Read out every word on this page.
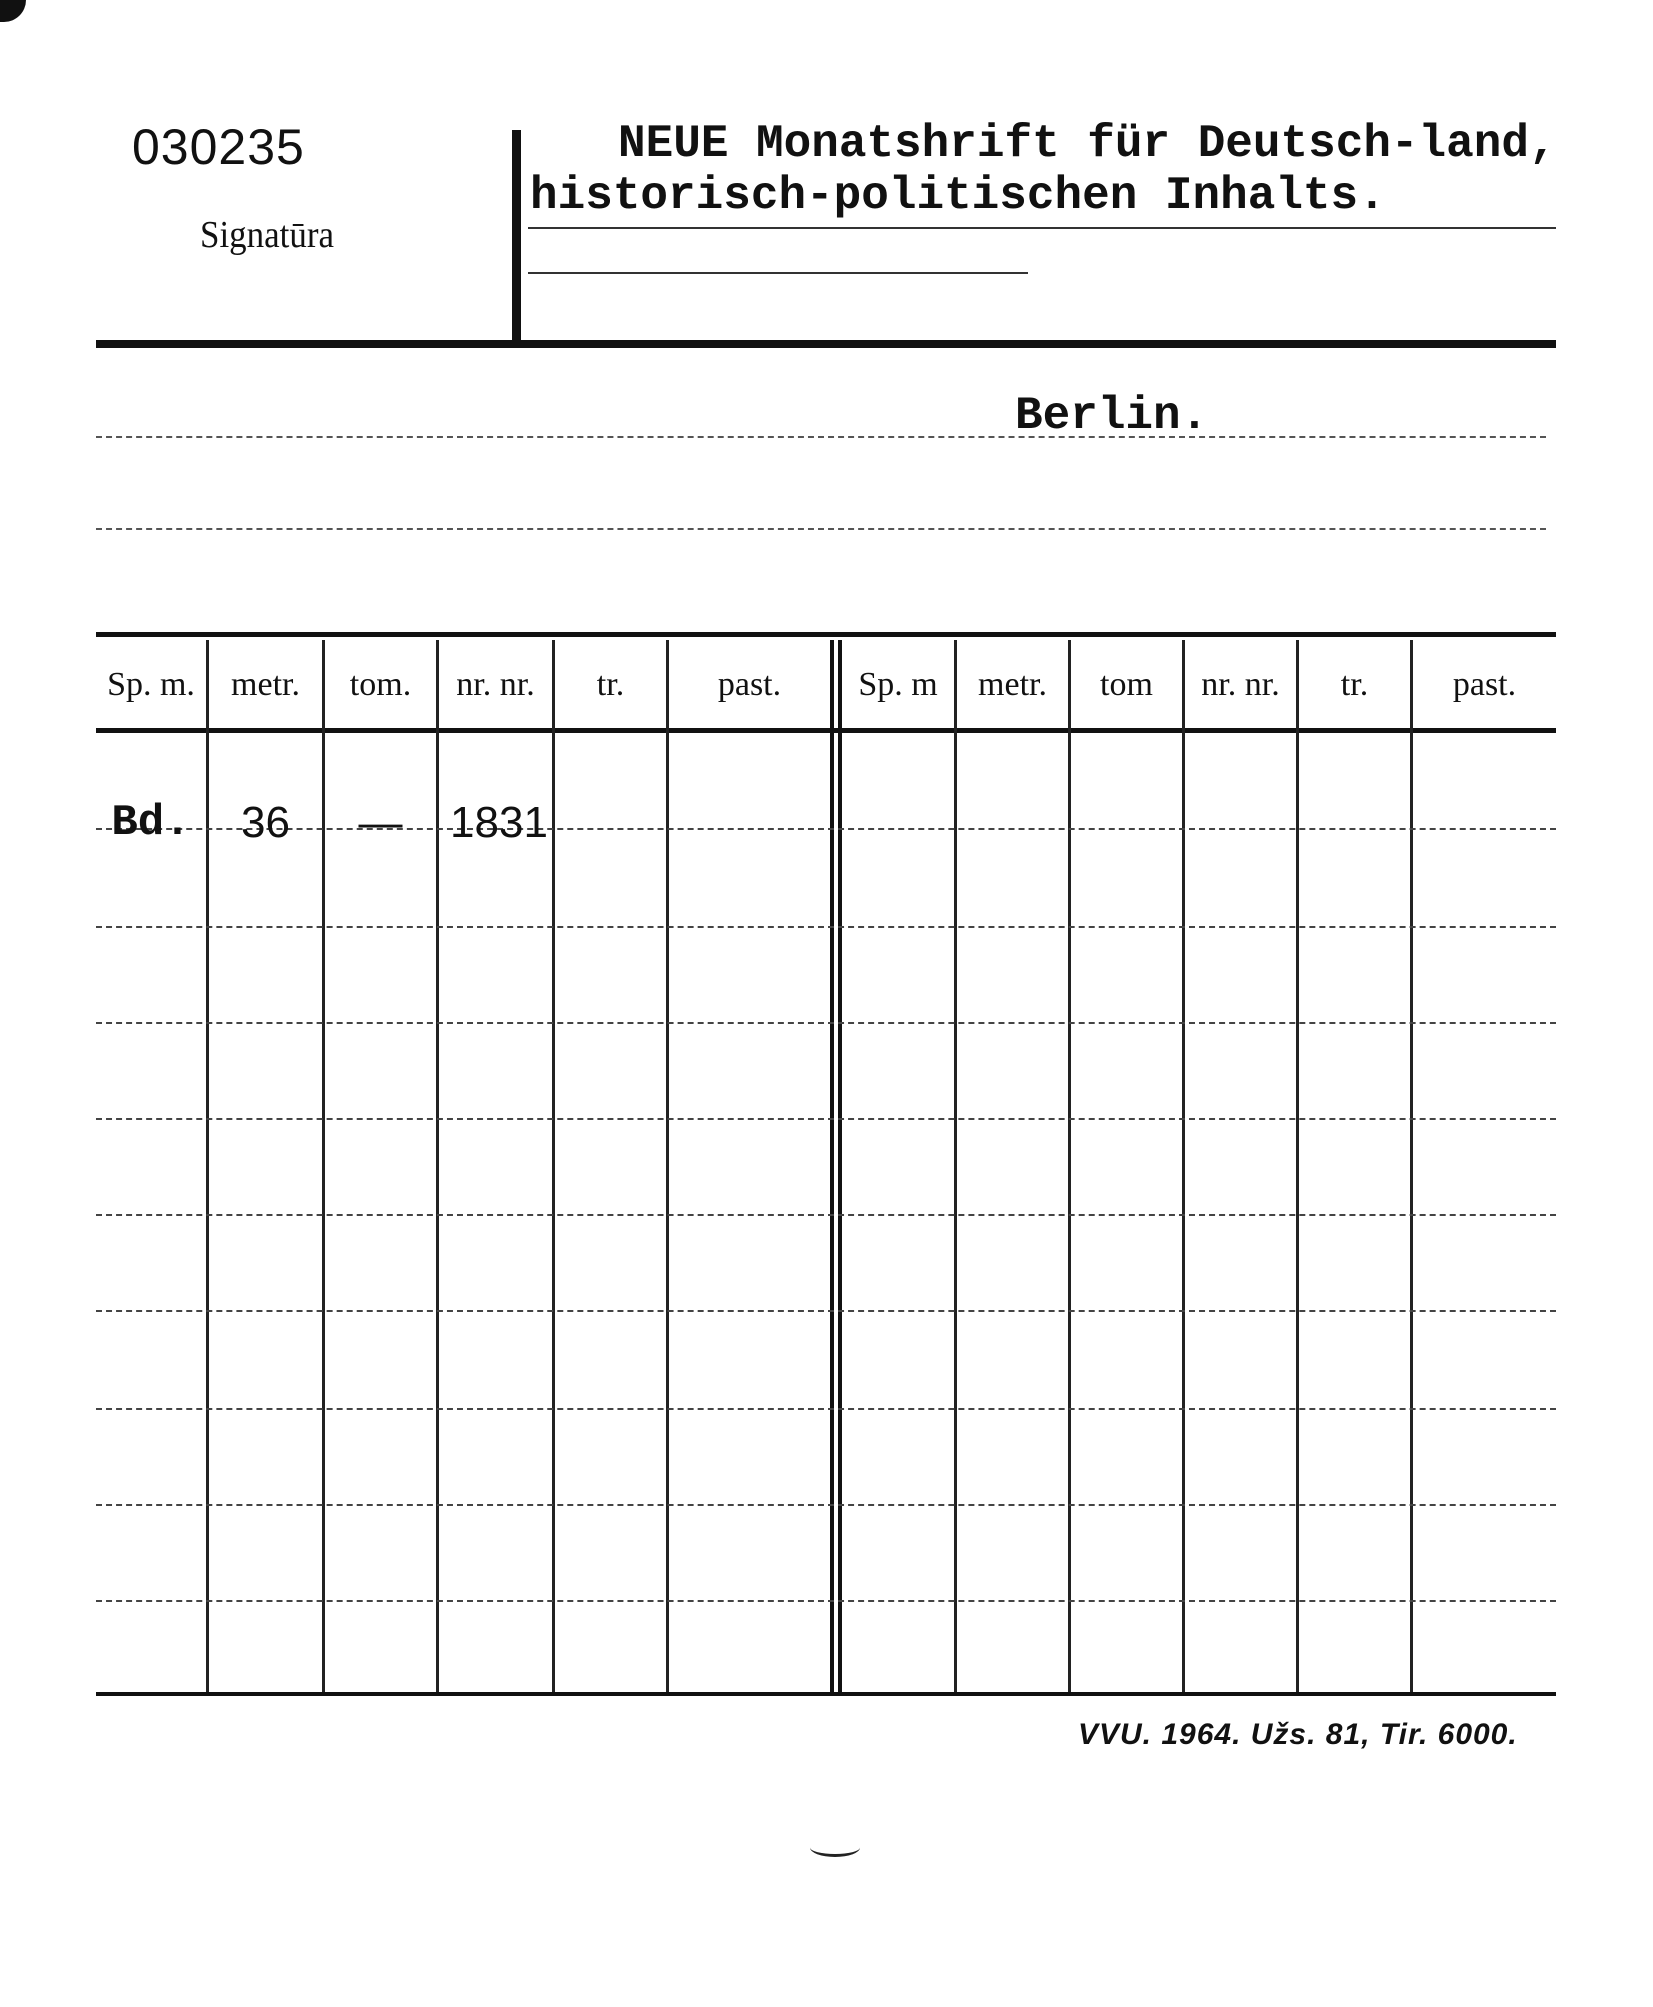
030235
Signatūra

NEUE Monatshrift für Deutsch-land, historisch-politischen Inhalts.

Berlin.
Sp. m.	metr.	tom.	nr. nr.	tr.	past.	Sp. m	metr.	tom	nr. nr.	tr.	past.
Bd.	36	—	1831
VVU. 1964. Užs. 81, Tir. 6000.
